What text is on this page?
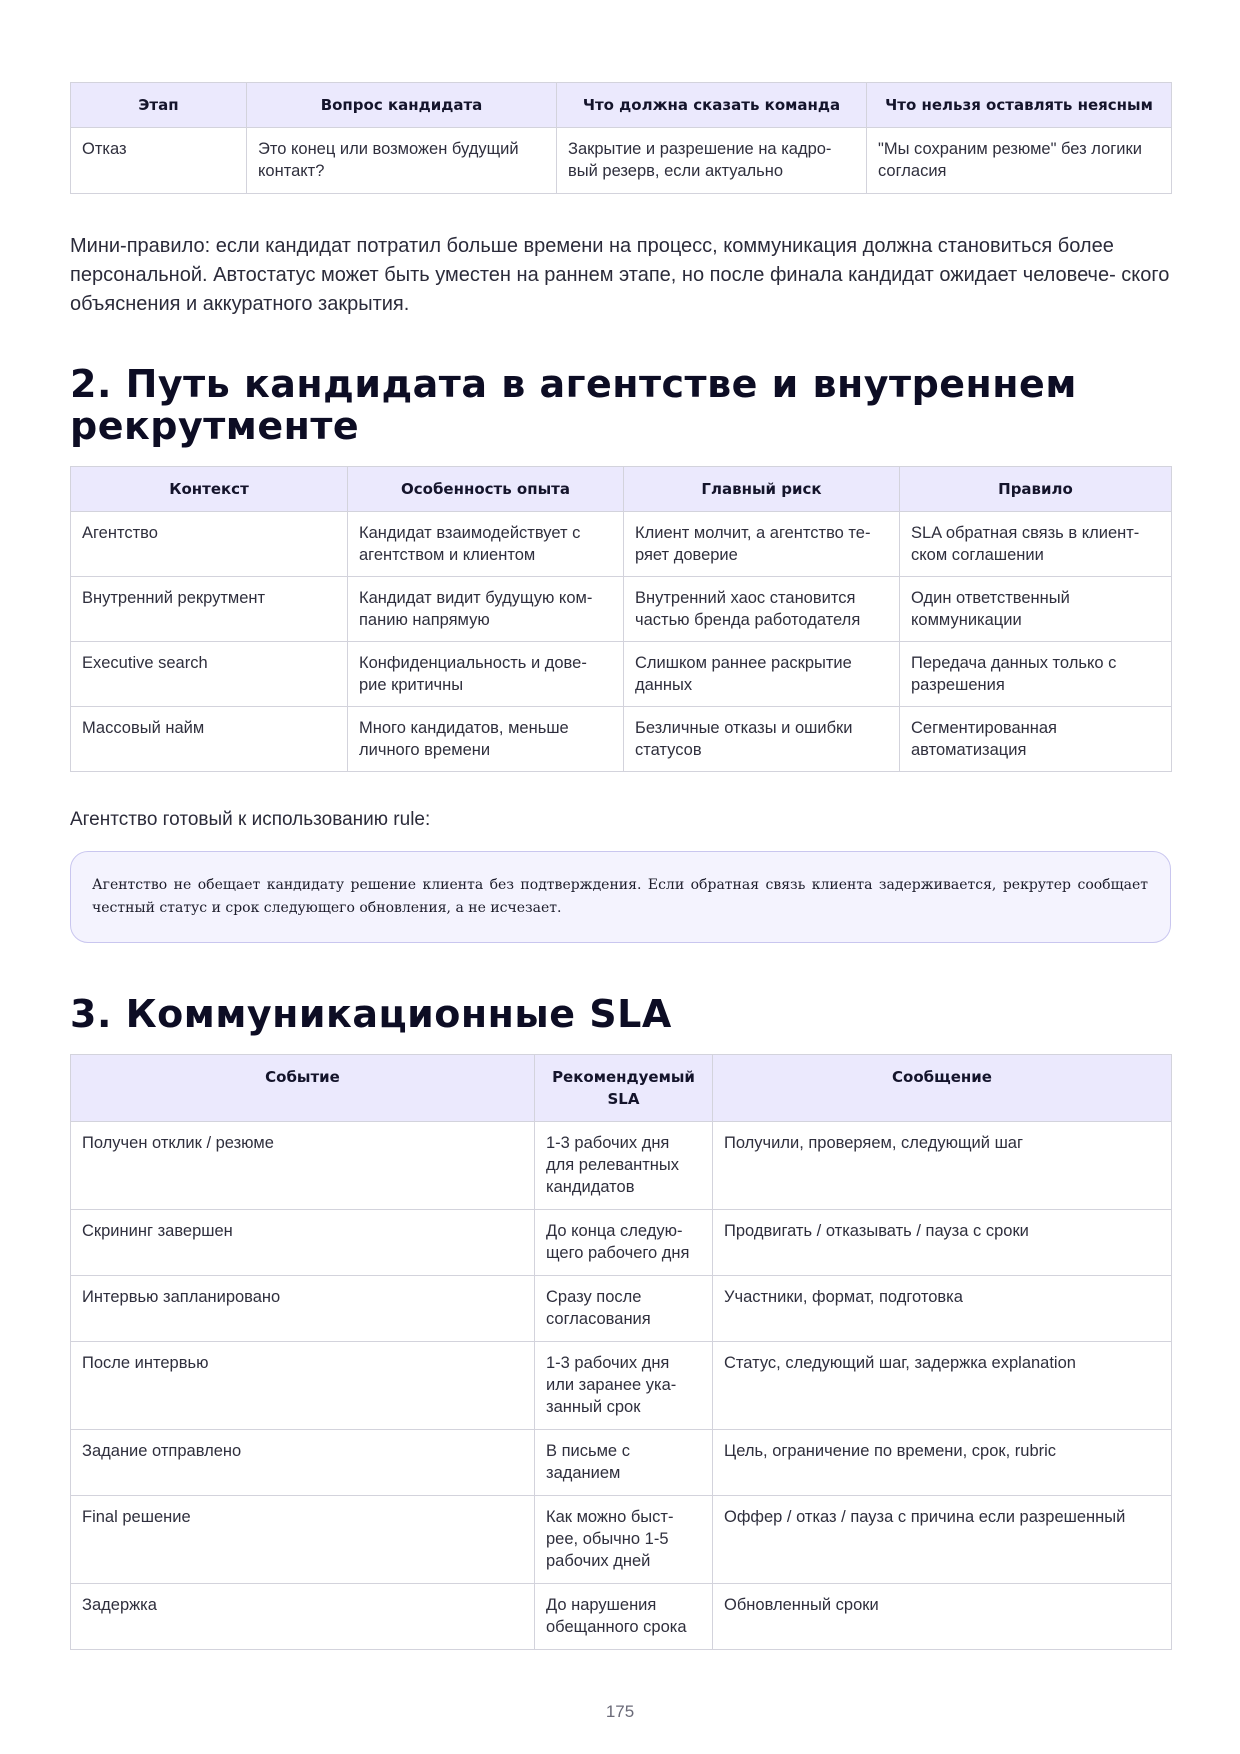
Этап	Вопрос кандидата	Что должна сказать команда	Что нельзя оставлять неясным
Отказ	Это конец или возможен будущий контакт?	Закрытие и разрешение на кадро- вый резерв, если актуально	"Мы сохраним резюме" без логики согласия

Мини-правило: если кандидат потратил больше времени на процесс, коммуникация должна становиться более персональной. Автостатус может быть уместен на раннем этапе, но после финала кандидат ожидает человече- ского объяснения и аккуратного закрытия.

2. Путь кандидата в агентстве и внутреннем рекрутменте
Контекст	Особенность опыта	Главный риск	Правило
Агентство	Кандидат взаимодействует с агентством и клиентом	Клиент молчит, а агентство те- ряет доверие	SLA обратная связь в клиент- ском соглашении
Внутренний рекрутмент	Кандидат видит будущую ком- панию напрямую	Внутренний хаос становится частью бренда работодателя	Один ответственный коммуникации
Executive search	Конфиденциальность и дове- рие критичны	Слишком раннее раскрытие данных	Передача данных только с разрешения
Массовый найм	Много кандидатов, меньше личного времени	Безличные отказы и ошибки статусов	Сегментированная автоматизация

Агентство готовый к использованию rule:

Агентство не обещает кандидату решение клиента без подтверждения. Если обратная связь клиента задерживается, рекрутер сообщает честный статус и срок следующего обновления, а не исчезает.
3. Коммуникационные SLA
Событие	Рекомендуемый SLA	Сообщение
Получен отклик / резюме	1-3 рабочих дня для релевантных кандидатов	Получили, проверяем, следующий шаг
Скрининг завершен	До конца следую- щего рабочего дня	Продвигать / отказывать / пауза с сроки
Интервью запланировано	Сразу после согласования	Участники, формат, подготовка
После интервью	1-3 рабочих дня или заранее ука- занный срок	Статус, следующий шаг, задержка explanation
Задание отправлено	В письме с заданием	Цель, ограничение по времени, срок, rubric
Final решение	Как можно быст- рее, обычно 1-5 рабочих дней	Оффер / отказ / пауза с причина если разрешенный
Задержка	До нарушения обещанного срока	Обновленный сроки
175
